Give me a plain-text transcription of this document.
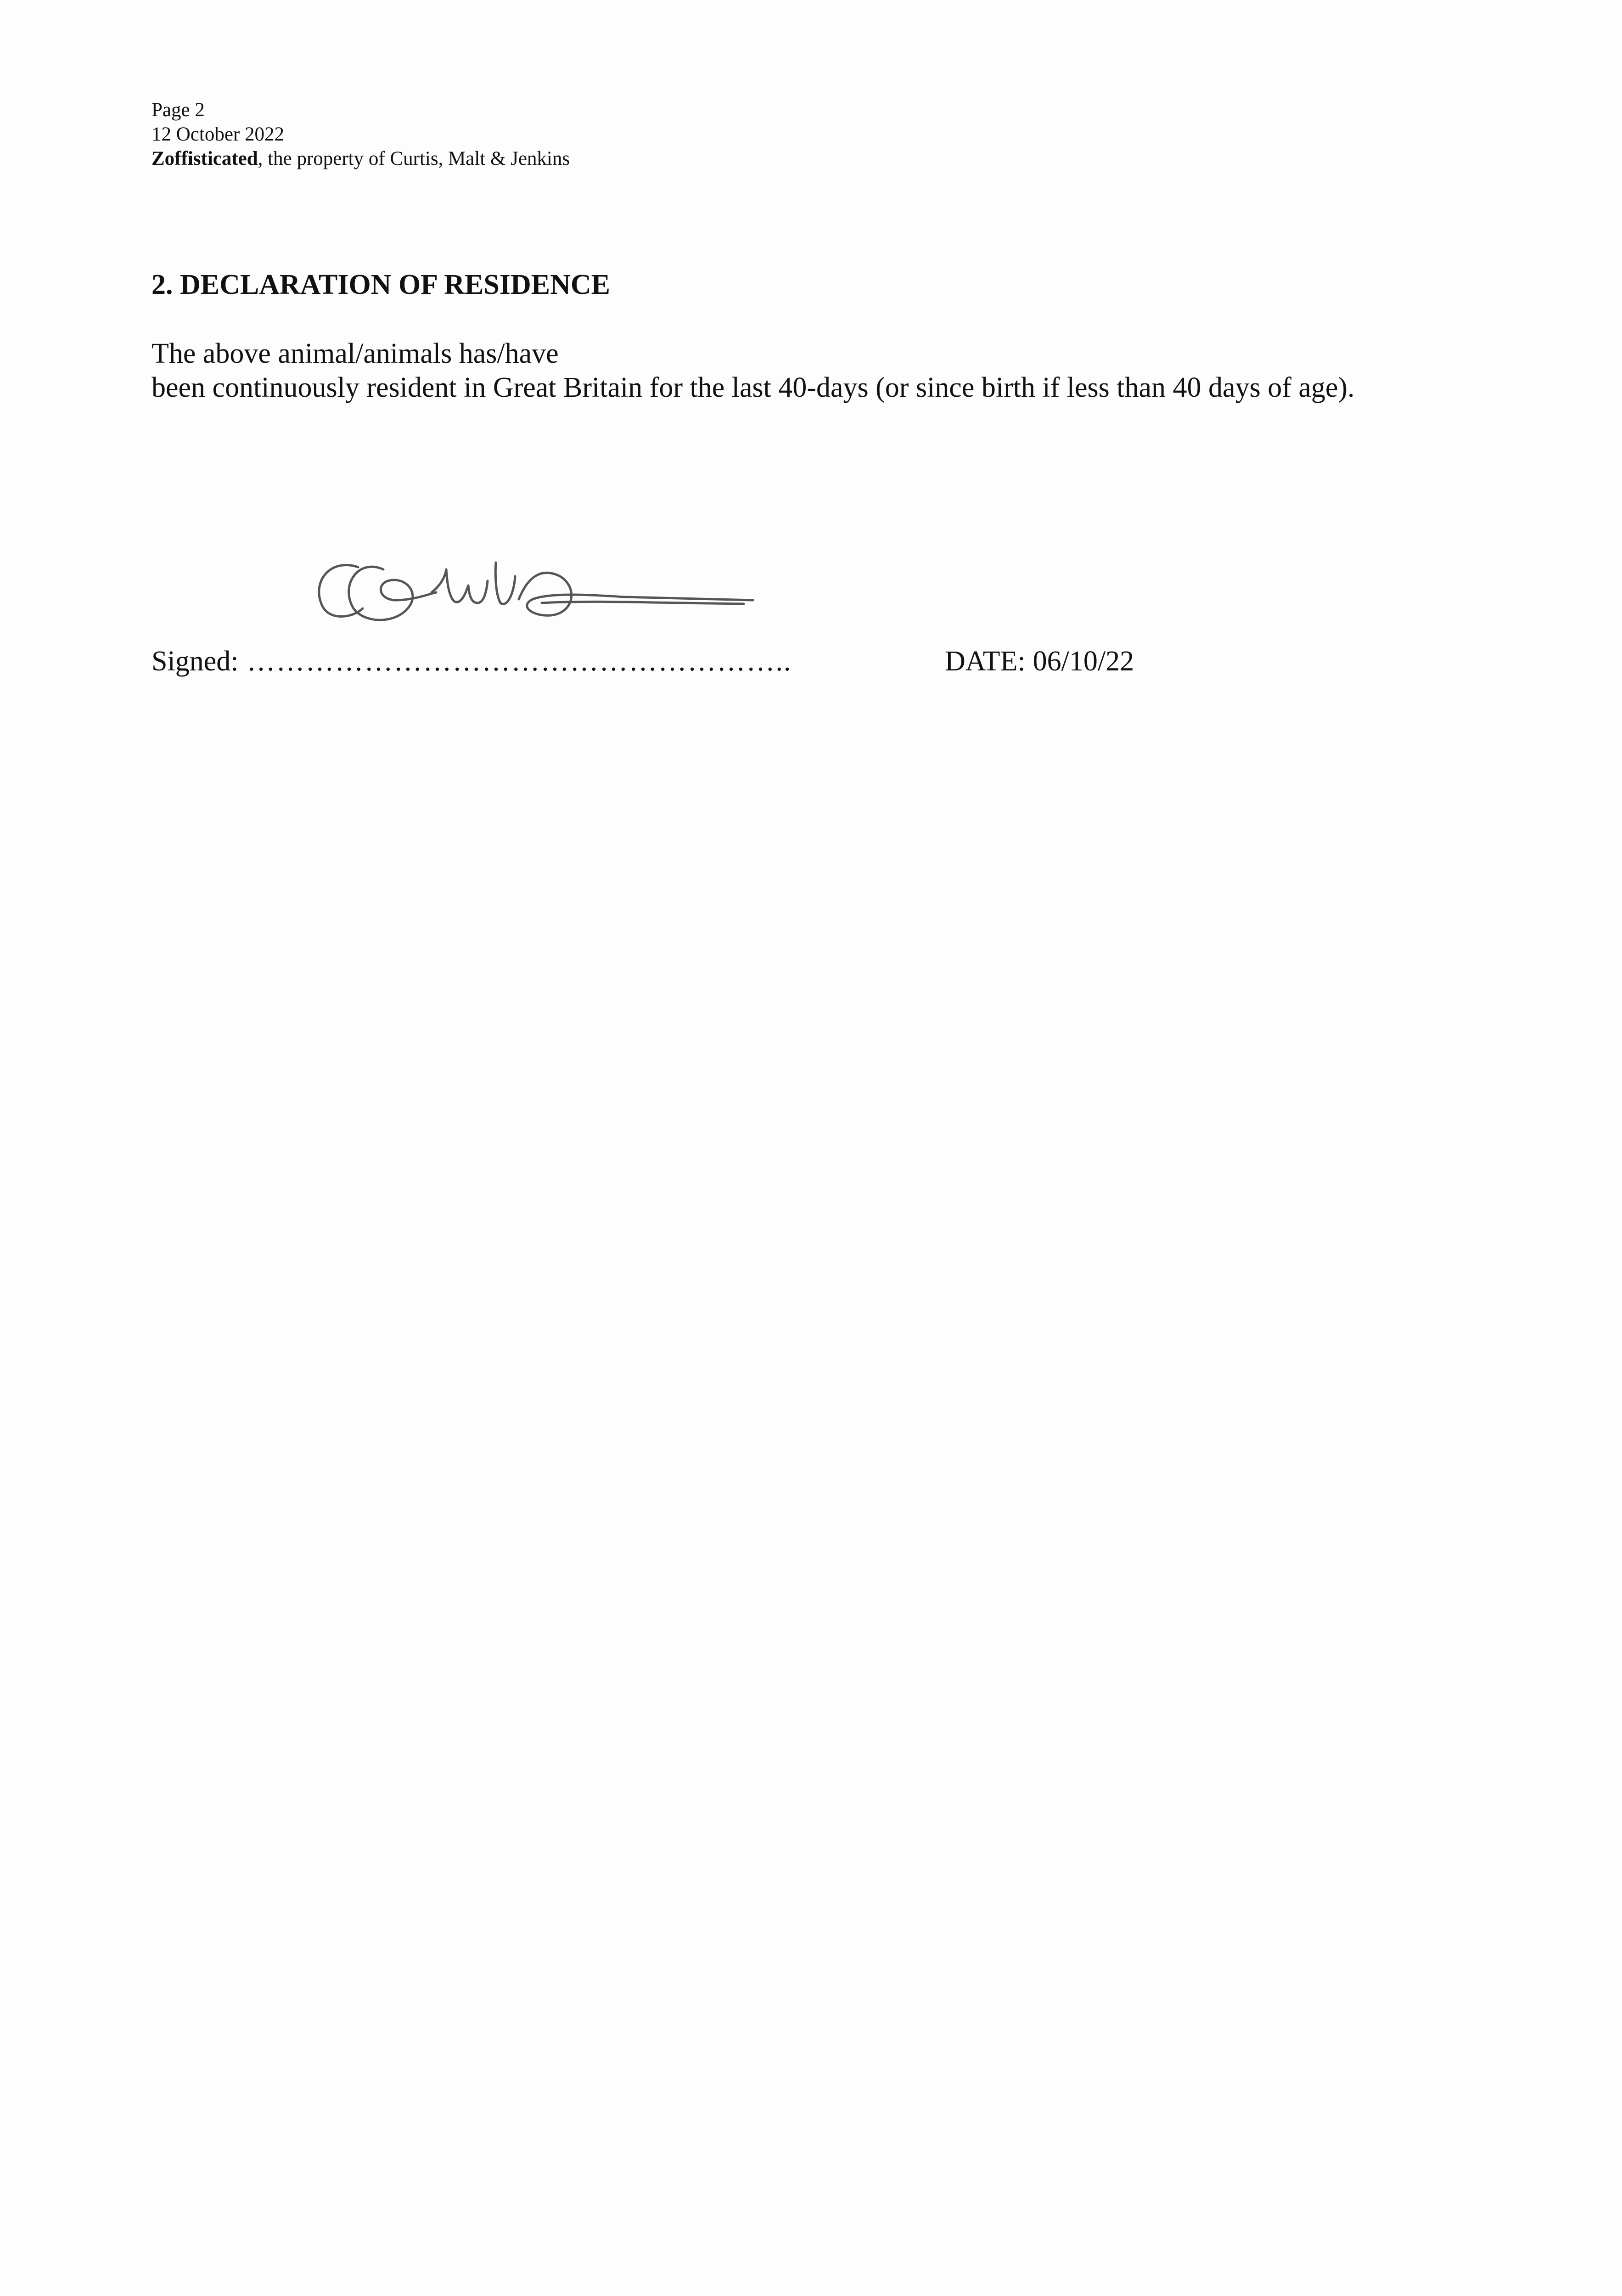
Page 2
12 October 2022
Zoffisticated, the property of Curtis, Malt & Jenkins
2. DECLARATION OF RESIDENCE
The above animal/animals has/have
been continuously resident in Great Britain for the last 40-days (or since birth if less than 40 days of age).
Signed: ………………………………………………..	DATE: 06/10/22
